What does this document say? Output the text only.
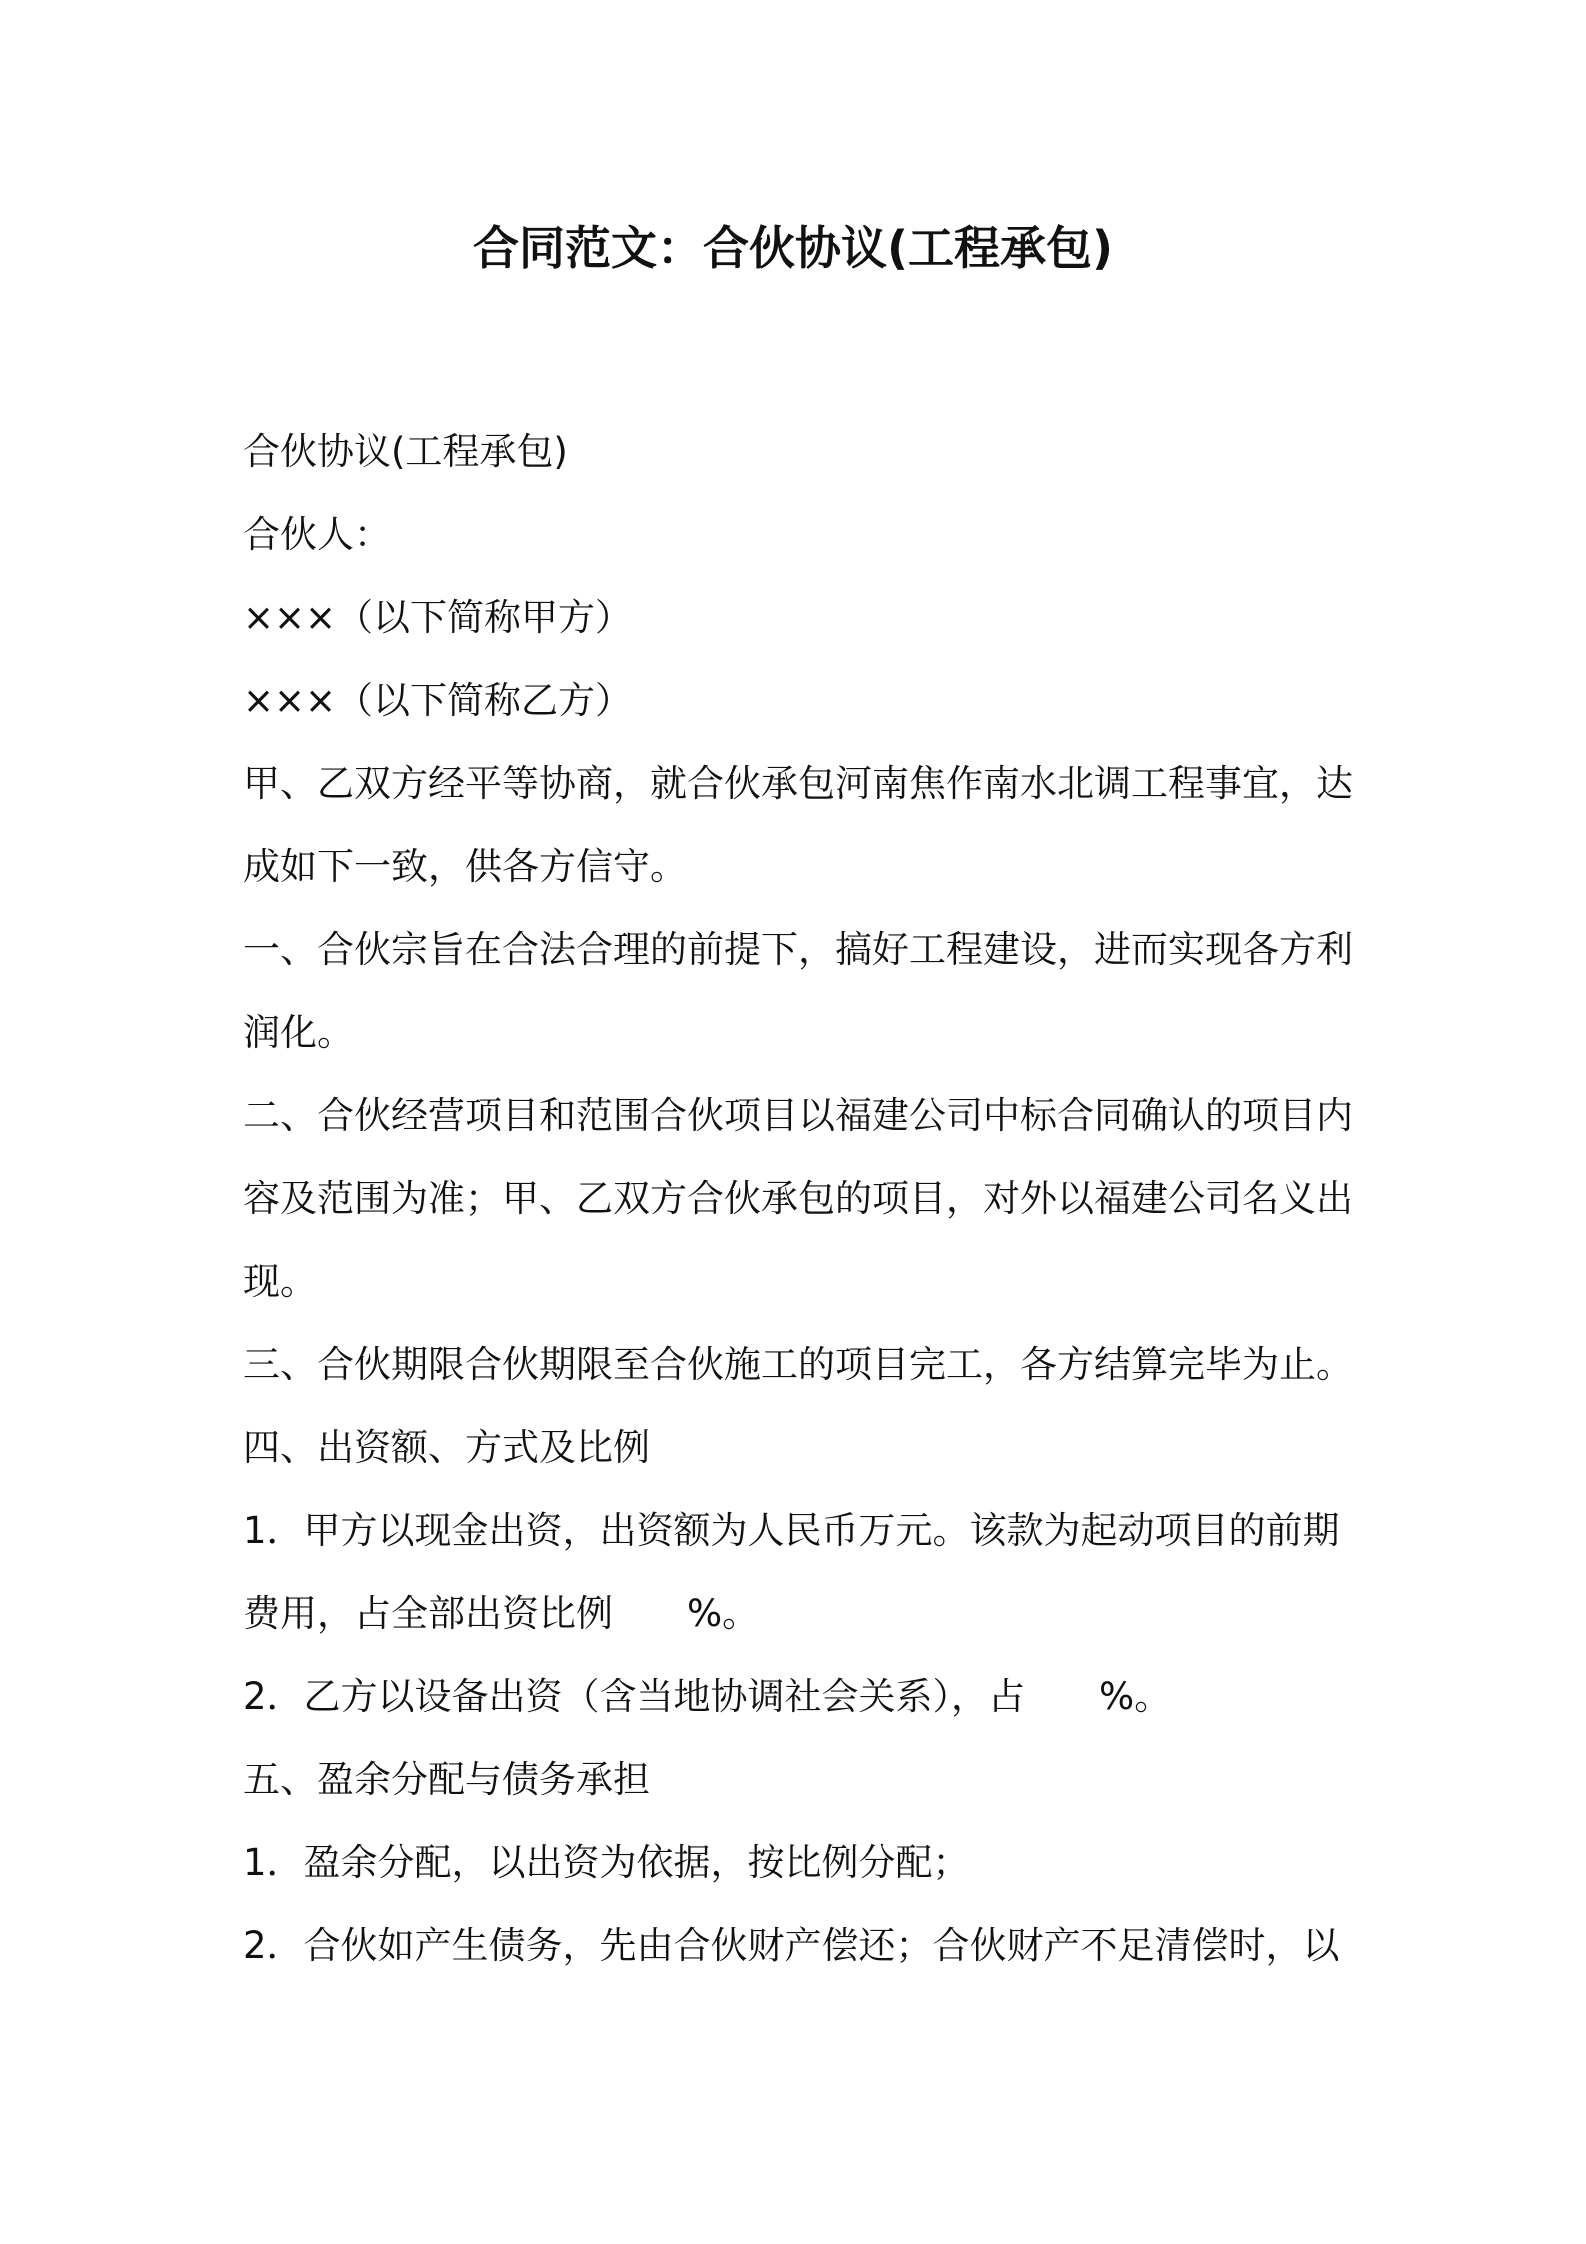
合同范文：合伙协议(工程承包)

合伙协议(工程承包)

合伙人：

×××（以下简称甲方）

×××（以下简称乙方）

甲、乙双方经平等协商，就合伙承包河南焦作南水北调工程事宜，达成如下一致，供各方信守。

一、合伙宗旨在合法合理的前提下，搞好工程建设，进而实现各方利润化。

二、合伙经营项目和范围合伙项目以福建公司中标合同确认的项目内容及范围为准；甲、乙双方合伙承包的项目，对外以福建公司名义出现。

三、合伙期限合伙期限至合伙施工的项目完工，各方结算完毕为止。

四、出资额、方式及比例

1．甲方以现金出资，出资额为人民币万元。该款为起动项目的前期费用，占全部出资比例　　%。

2．乙方以设备出资（含当地协调社会关系），占　　%。

五、盈余分配与债务承担

1．盈余分配，以出资为依据，按比例分配；

2．合伙如产生债务，先由合伙财产偿还；合伙财产不足清偿时，以
